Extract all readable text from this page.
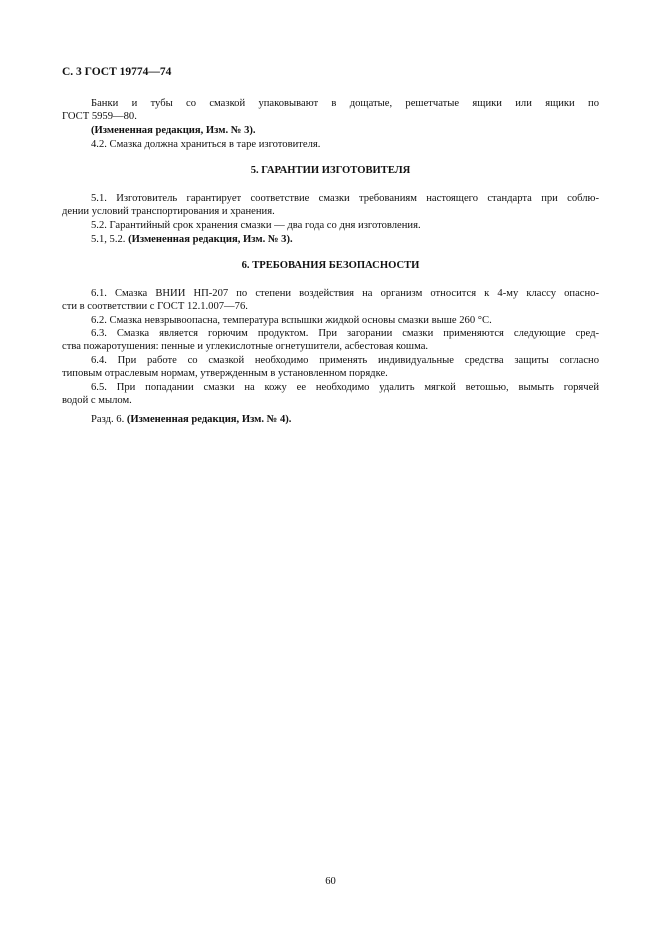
С. 3 ГОСТ 19774—74
Банки и тубы со смазкой упаковывают в дощатые, решетчатые ящики или ящики по
ГОСТ 5959—80.
(Измененная редакция, Изм. № 3).
4.2. Смазка должна храниться в таре изготовителя.
5. ГАРАНТИИ ИЗГОТОВИТЕЛЯ
5.1. Изготовитель гарантирует соответствие смазки требованиям настоящего стандарта при соблю-
дении условий транспортирования и хранения.
5.2. Гарантийный срок хранения смазки — два года со дня изготовления.
5.1, 5.2. (Измененная редакция, Изм. № 3).
6. ТРЕБОВАНИЯ БЕЗОПАСНОСТИ
6.1. Смазка ВНИИ НП-207 по степени воздействия на организм относится к 4-му классу опасно-
сти в соответствии с ГОСТ 12.1.007—76.
6.2. Смазка невзрывоопасна, температура вспышки жидкой основы смазки выше 260 °С.
6.3. Смазка является горючим продуктом. При загорании смазки применяются следующие сред-
ства пожаротушения: пенные и углекислотные огнетушители, асбестовая кошма.
6.4. При работе со смазкой необходимо применять индивидуальные средства защиты согласно
типовым отраслевым нормам, утвержденным в установленном порядке.
6.5. При попадании смазки на кожу ее необходимо удалить мягкой ветошью, вымыть горячей
водой с мылом.
Разд. 6. (Измененная редакция, Изм. № 4).
60
